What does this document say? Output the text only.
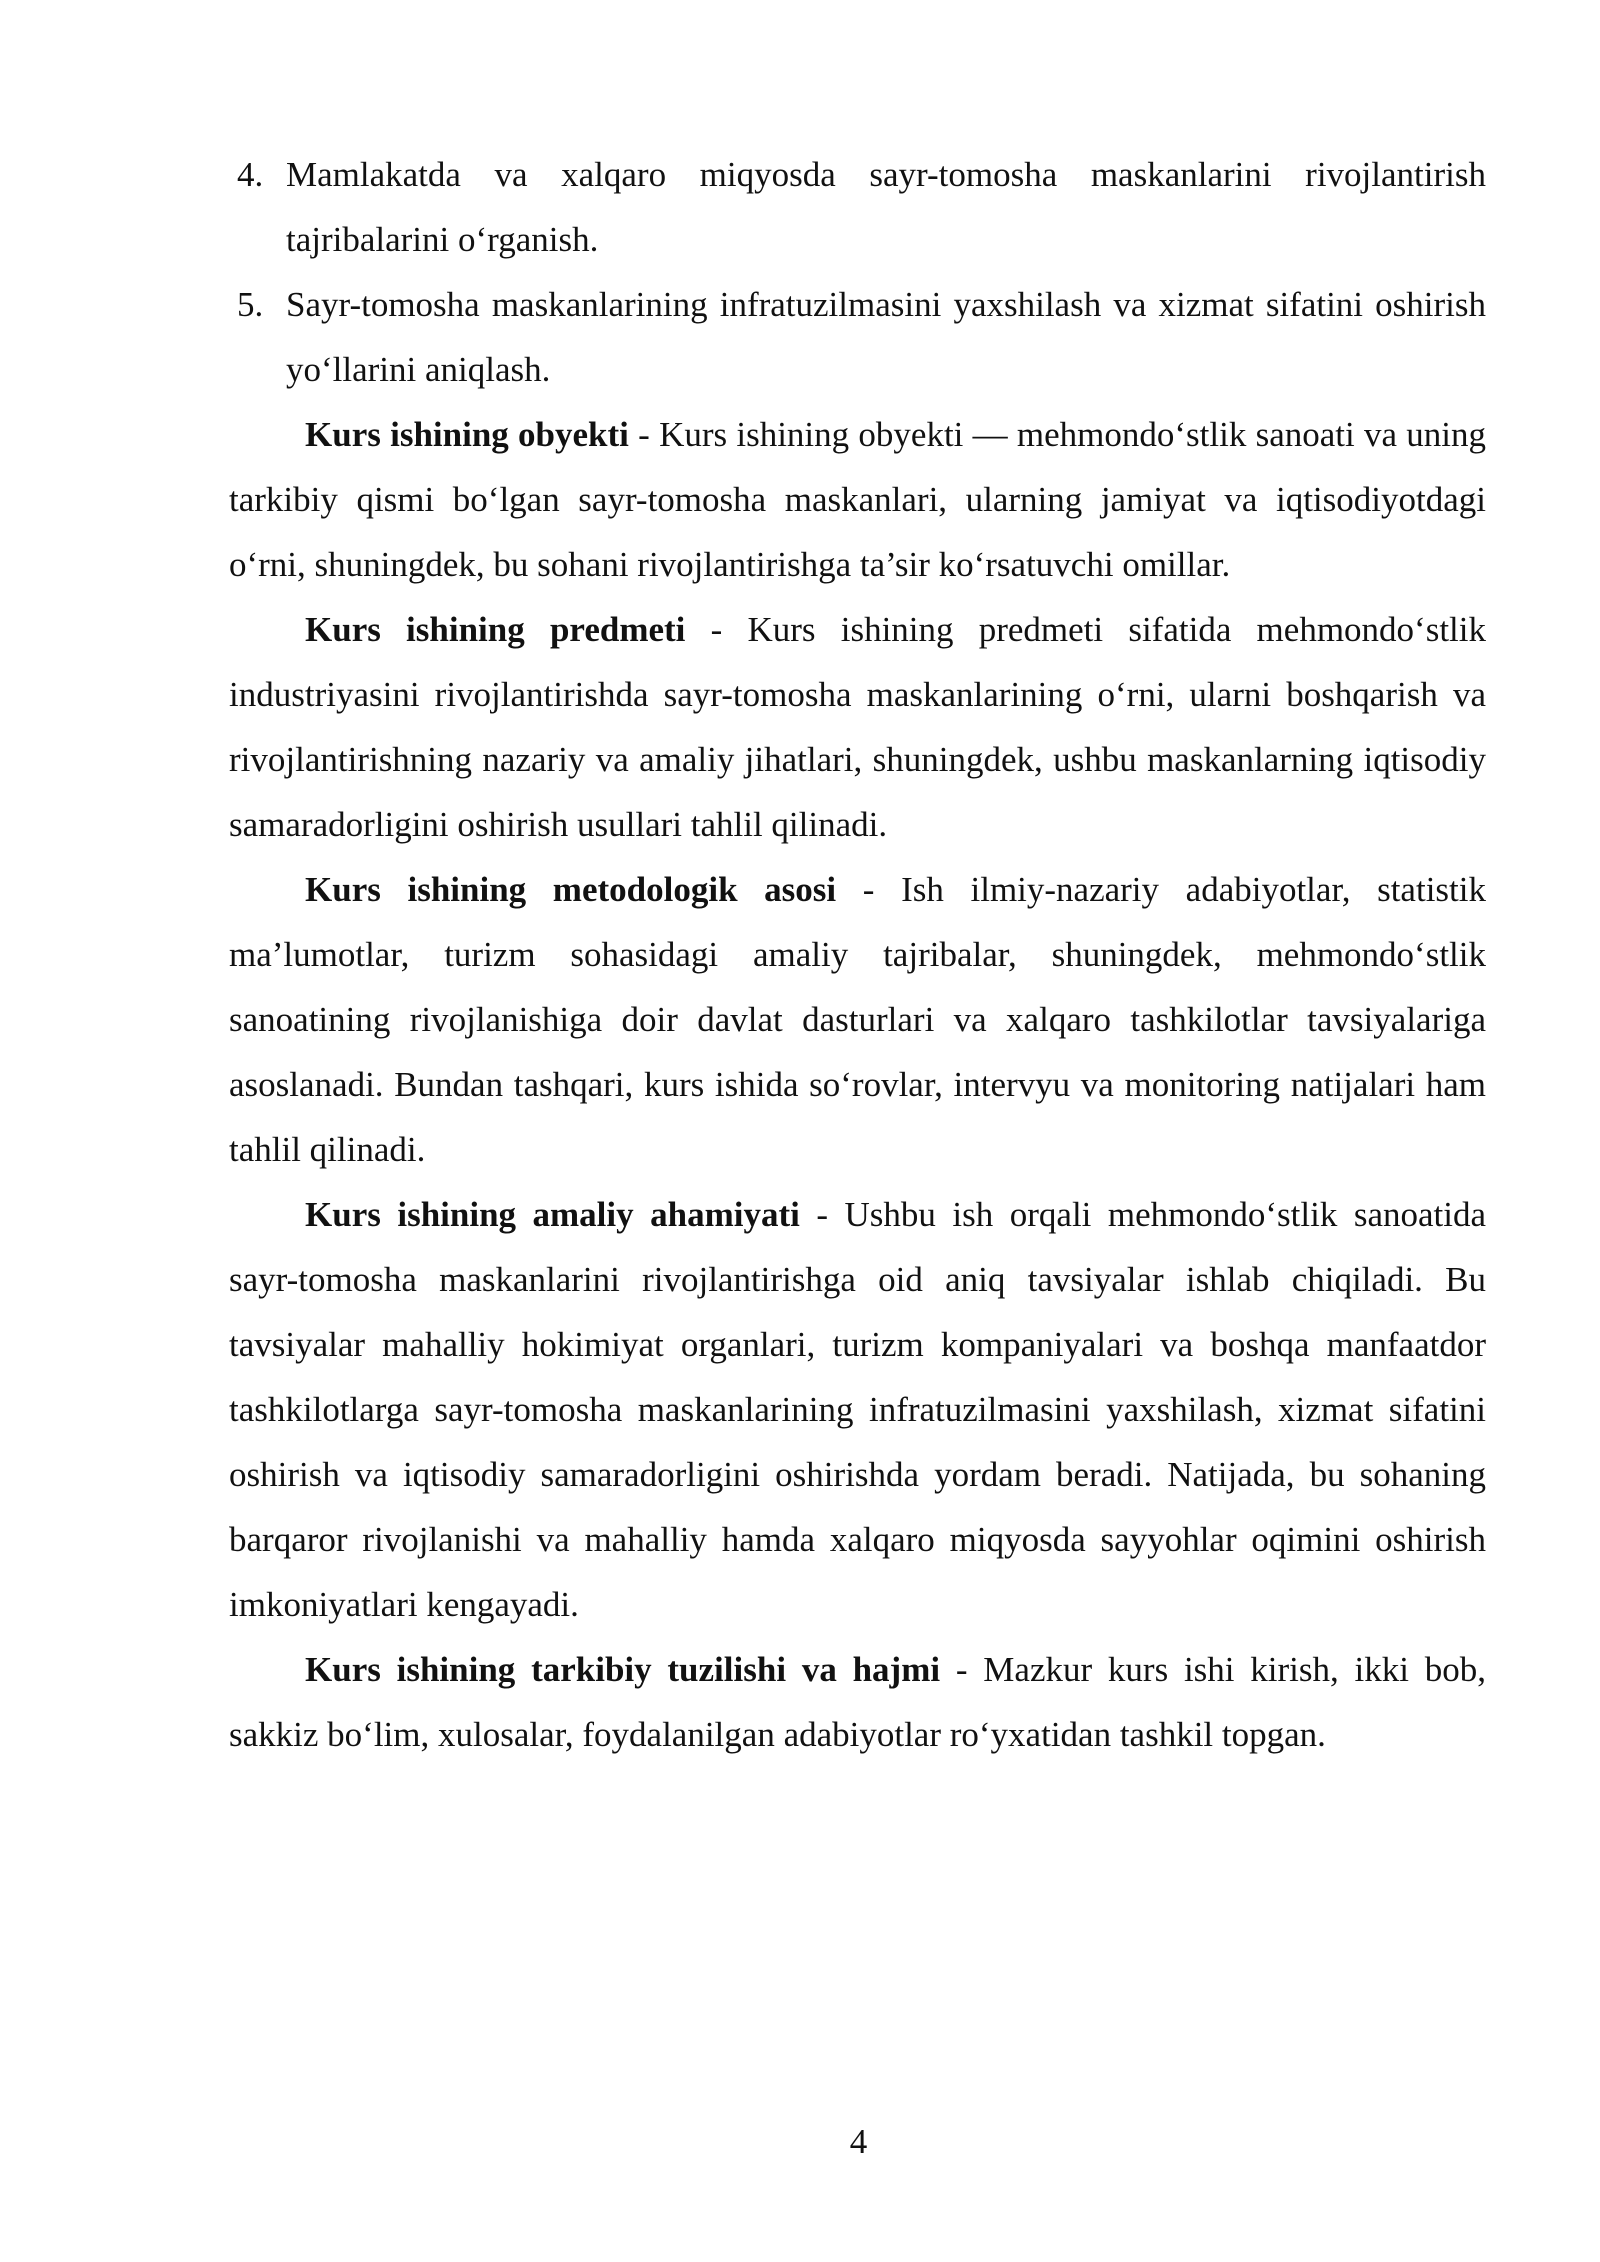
4. Mamlakatda va xalqaro miqyosda sayr-tomosha maskanlarini rivojlantirish tajribalarini o‘rganish.
5. Sayr-tomosha maskanlarining infratuzilmasini yaxshilash va xizmat sifatini oshirish yo‘llarini aniqlash.

Kurs ishining obyekti - Kurs ishining obyekti — mehmondo‘stlik sanoati va uning tarkibiy qismi bo‘lgan sayr-tomosha maskanlari, ularning jamiyat va iqtisodiyotdagi o‘rni, shuningdek, bu sohani rivojlantirishga ta’sir ko‘rsatuvchi omillar.

Kurs ishining predmeti - Kurs ishining predmeti sifatida mehmondo‘stlik industriyasini rivojlantirishda sayr-tomosha maskanlarining o‘rni, ularni boshqarish va rivojlantirishning nazariy va amaliy jihatlari, shuningdek, ushbu maskanlarning iqtisodiy samaradorligini oshirish usullari tahlil qilinadi.

Kurs ishining metodologik asosi - Ish ilmiy-nazariy adabiyotlar, statistik ma’lumotlar, turizm sohasidagi amaliy tajribalar, shuningdek, mehmondo‘stlik sanoatining rivojlanishiga doir davlat dasturlari va xalqaro tashkilotlar tavsiyalariga asoslanadi. Bundan tashqari, kurs ishida so‘rovlar, intervyu va monitoring natijalari ham tahlil qilinadi.

Kurs ishining amaliy ahamiyati - Ushbu ish orqali mehmondo‘stlik sanoatida sayr-tomosha maskanlarini rivojlantirishga oid aniq tavsiyalar ishlab chiqiladi. Bu tavsiyalar mahalliy hokimiyat organlari, turizm kompaniyalari va boshqa manfaatdor tashkilotlarga sayr-tomosha maskanlarining infratuzilmasini yaxshilash, xizmat sifatini oshirish va iqtisodiy samaradorligini oshirishda yordam beradi. Natijada, bu sohaning barqaror rivojlanishi va mahalliy hamda xalqaro miqyosda sayyohlar oqimini oshirish imkoniyatlari kengayadi.

Kurs ishining tarkibiy tuzilishi va hajmi - Mazkur kurs ishi kirish, ikki bob, sakkiz bo‘lim, xulosalar, foydalanilgan adabiyotlar ro‘yxatidan tashkil topgan.

4
